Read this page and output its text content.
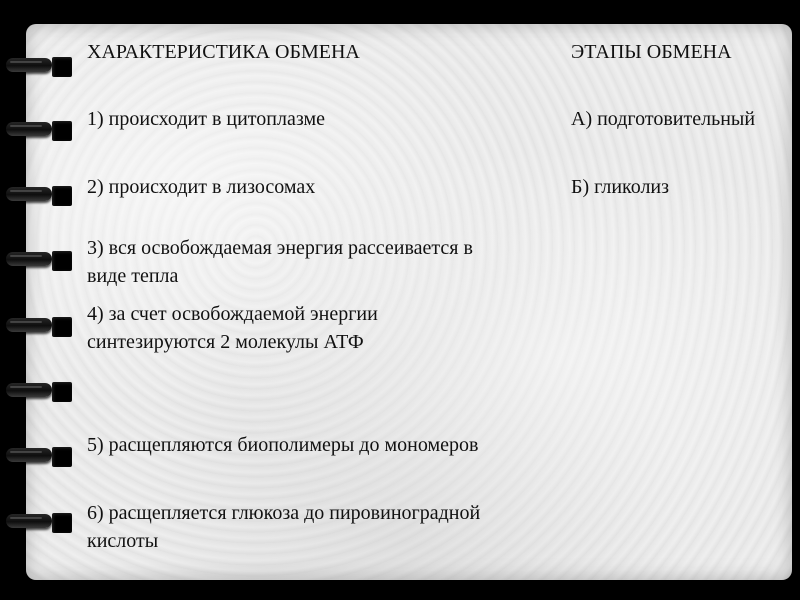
ХАРАКТЕРИСТИКА ОБМЕНА	ЭТАПЫ ОБМЕНА

1) происходит в цитоплазме

2) происходит в лизосомах

3) вся освобождаемая энергия рассеивается в виде тепла

4) за счет освобождаемой энергии синтезируются 2 молекулы АТФ

5) расщепляются биополимеры до мономеров

6) расщепляется глюкоза до пировиноградной кислоты

А) подготовительный

Б) гликолиз
